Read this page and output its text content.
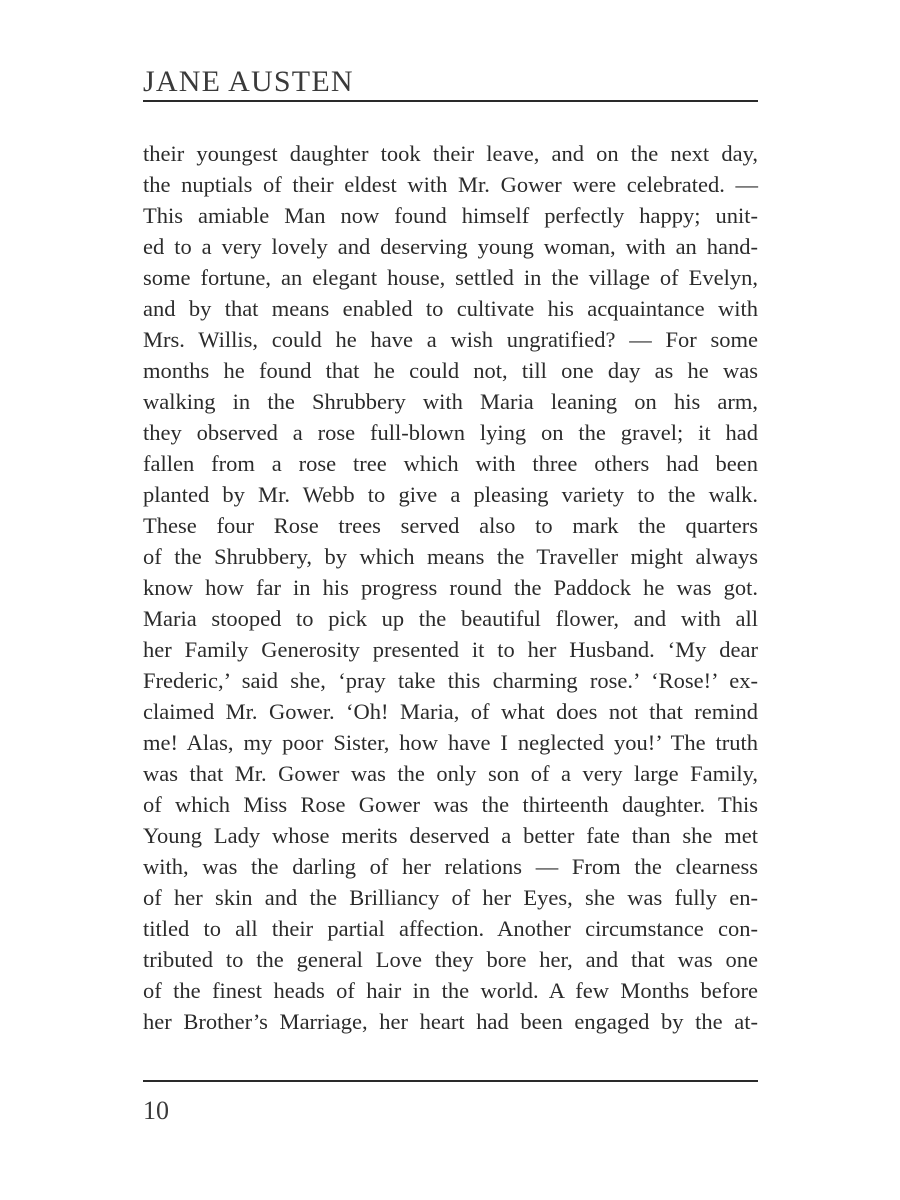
JANE AUSTEN
their youngest daughter took their leave, and on the next day,
the nuptials of their eldest with Mr. Gower were celebrated. —
This amiable Man now found himself perfectly happy; unit-
ed to a very lovely and deserving young woman, with an hand-
some fortune, an elegant house, settled in the village of Evelyn,
and by that means enabled to cultivate his acquaintance with
Mrs. Willis, could he have a wish ungratified? — For some
months he found that he could not, till one day as he was
walking in the Shrubbery with Maria leaning on his arm,
they observed a rose full-blown lying on the gravel; it had
fallen from a rose tree which with three others had been
planted by Mr. Webb to give a pleasing variety to the walk.
These four Rose trees served also to mark the quarters
of the Shrubbery, by which means the Traveller might always
know how far in his progress round the Paddock he was got.
Maria stooped to pick up the beautiful flower, and with all
her Family Generosity presented it to her Husband. ‘My dear
Frederic,’ said she, ‘pray take this charming rose.’ ‘Rose!’ ex-
claimed Mr. Gower. ‘Oh! Maria, of what does not that remind
me! Alas, my poor Sister, how have I neglected you!’ The truth
was that Mr. Gower was the only son of a very large Family,
of which Miss Rose Gower was the thirteenth daughter. This
Young Lady whose merits deserved a better fate than she met
with, was the darling of her relations — From the clearness
of her skin and the Brilliancy of her Eyes, she was fully en-
titled to all their partial affection. Another circumstance con-
tributed to the general Love they bore her, and that was one
of the finest heads of hair in the world. A few Months before
her Brother’s Marriage, her heart had been engaged by the at-
10
